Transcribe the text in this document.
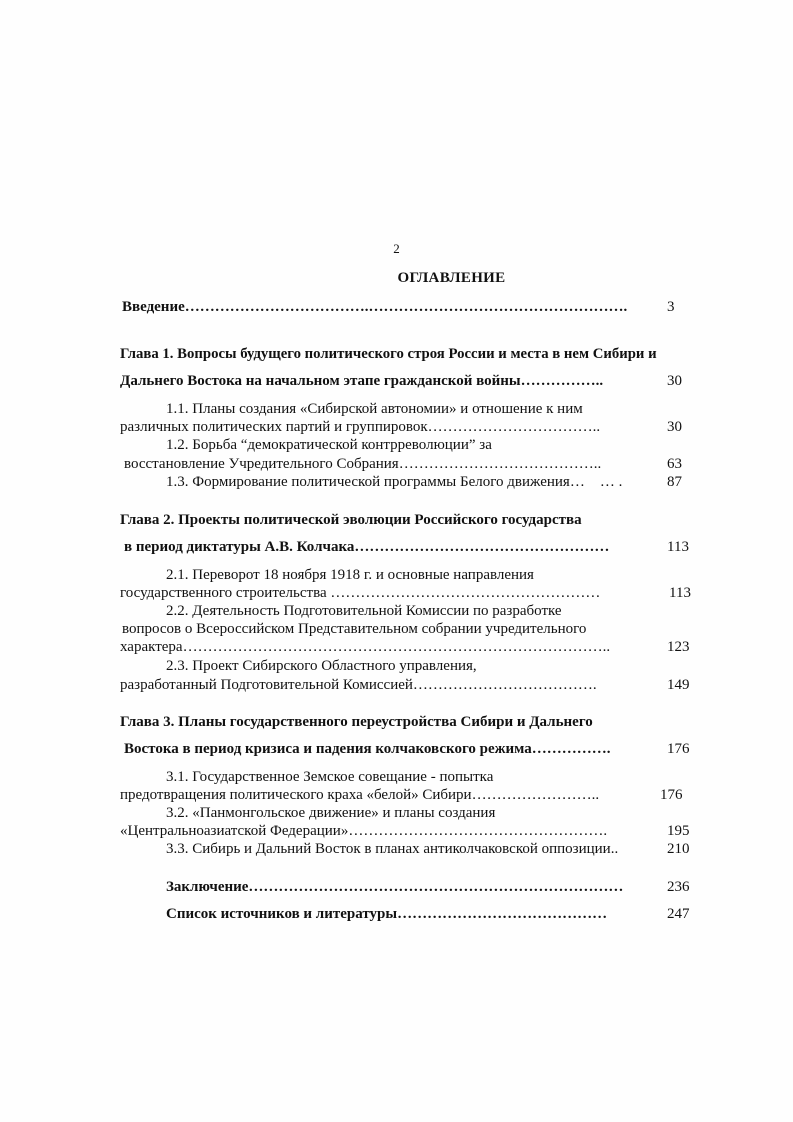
2
ОГЛАВЛЕНИЕ
Введение……………………………….…………………………………………….	3
Глава 1. Вопросы будущего политического строя России и места в нем Сибири и
Дальнего Востока на начальном этапе гражданской войны……………..	30
1.1. Планы создания «Сибирской автономии» и отношение к ним
различных политических партий и группировок……………………………..	30
1.2. Борьба “демократической контрреволюции” за
восстановление Учредительного Собрания…………………………………..	63
1.3. Формирование политической программы Белого движения…    … .	87
Глава 2. Проекты политической эволюции Российского государства
в период диктатуры А.В. Колчака……………………………………………	113
2.1. Переворот 18 ноября 1918 г. и основные направления
государственного строительства ………………………………………………	113
2.2. Деятельность Подготовительной Комиссии по разработке
вопросов о Всероссийском Представительном собрании учредительного
характера…………………………………………………………………………..	123
2.3. Проект Сибирского Областного управления,
разработанный Подготовительной Комиссией……………………………….	149
Глава 3. Планы государственного переустройства Сибири и Дальнего
Востока в период кризиса и падения колчаковского режима…………….	176
3.1. Государственное Земское совещание - попытка
предотвращения политического краха «белой» Сибири……………………..	176
3.2. «Панмонгольское движение» и планы создания
«Центральноазиатской Федерации»…………………………………………….	195
3.3. Сибирь и Дальний Восток в планах антиколчаковской оппозиции..	210
Заключение…………………………………………………………………	236
Список источников и литературы……………………………………	247
